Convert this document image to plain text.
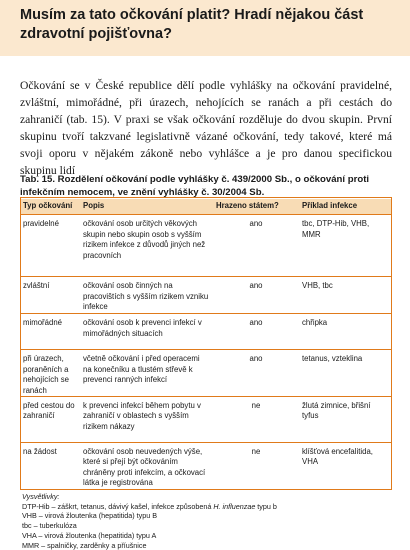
Musím za tato očkování platit? Hradí nějakou část
zdravotní pojišťovna?

Očkování se v České republice dělí podle vyhlášky na očkování pravidelné, zvláštní, mimořádné, při úrazech, nehojících se ranách a při cestách do zahraničí (tab. 15). V praxi se však očkování rozděluje do dvou skupin. První skupinu tvoří takzvané legislativně vázané očkování, tedy takové, které má svoji oporu v nějakém zákoně nebo vyhlášce a je pro danou specifickou skupinu lidí

Tab. 15. Rozdělení očkování podle vyhlášky č. 439/2000 Sb., o očkování proti infekčním nemocem, ve znění vyhlášky č. 30/2004 Sb.

Typ očkování	Popis	Hrazeno státem?	Příklad infekce
pravidelné	očkování osob určitých věkových skupin nebo skupin osob s vyšším rizikem infekce z důvodů jiných než pracovních	ano	tbc, DTP-Hib, VHB, MMR
zvláštní	očkování osob činných na pracovištích s vyšším rizikem vzniku infekce	ano	VHB, tbc
mimořádné	očkování osob k prevenci infekcí v mimořádných situacích	ano	chřipka
při úrazech, poraněních a nehojících se ranách	včetně očkování i před operacemi na konečníku a tlustém střevě k prevenci ranných infekcí	ano	tetanus, vzteklina
před cestou do zahraničí	k prevenci infekcí během pobytu v zahraničí v oblastech s vyšším rizikem nákazy	ne	žlutá zimnice, břišní tyfus
na žádost	očkování osob neuvedených výše, které si přejí být očkováním chráněny proti infekcím, a očkovací látka je registrována	ne	klíšťová encefalitida, VHA
Vysvětlivky:
DTP-Hib – záškrt, tetanus, dávivý kašel, infekce způsobená H. influenzae typu b
VHB – virová žloutenka (hepatitida) typu B
tbc – tuberkulóza
VHA – virová žloutenka (hepatitida) typu A
MMR – spalničky, zarděnky a příušnice
